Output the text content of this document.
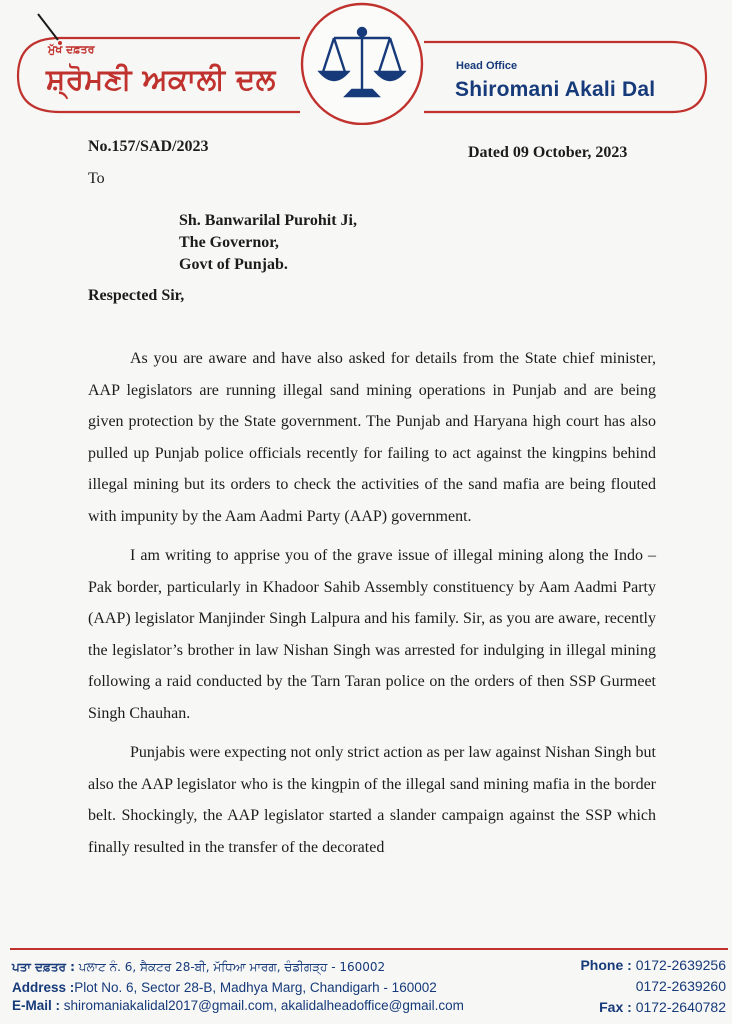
ਮੁੱਖ ਦਫ਼ਤਰ
ਸ਼੍ਰੋਮਣੀ ਅਕਾਲੀ ਦਲ	Head Office
Shiromani Akali Dal
No.157/SAD/2023	Dated 09 October, 2023
To
Sh. Banwarilal Purohit Ji,
The Governor,
Govt of Punjab.
Respected Sir,

As you are aware and have also asked for details from the State chief minister, AAP legislators are running illegal sand mining operations in Punjab and are being given protection by the State government. The Punjab and Haryana high court has also pulled up Punjab police officials recently for failing to act against the kingpins behind illegal mining but its orders to check the activities of the sand mafia are being flouted with impunity by the Aam Aadmi Party (AAP) government.

I am writing to apprise you of the grave issue of illegal mining along the Indo –Pak border, particularly in Khadoor Sahib Assembly constituency by Aam Aadmi Party (AAP) legislator Manjinder Singh Lalpura and his family. Sir, as you are aware, recently the legislator’s brother in law Nishan Singh was arrested for indulging in illegal mining following a raid conducted by the Tarn Taran police on the orders of then SSP Gurmeet Singh Chauhan.

Punjabis were expecting not only strict action as per law against Nishan Singh but also the AAP legislator who is the kingpin of the illegal sand mining mafia in the border belt. Shockingly, the AAP legislator started a slander campaign against the SSP which finally resulted in the transfer of the decorated

ਪਤਾ ਦਫ਼ਤਰ : ਪਲਾਟ ਨੰ. 6, ਸੈਕਟਰ 28-ਬੀ, ਮੱਧਿਆ ਮਾਰਗ, ਚੰਡੀਗੜ੍ਹ - 160002
Address :Plot No. 6, Sector 28-B, Madhya Marg, Chandigarh - 160002
E-Mail : shiromaniakalidal2017@gmail.com, akalidalheadoffice@gmail.com
Phone : 0172-2639256
0172-2639260
Fax : 0172-2640782
